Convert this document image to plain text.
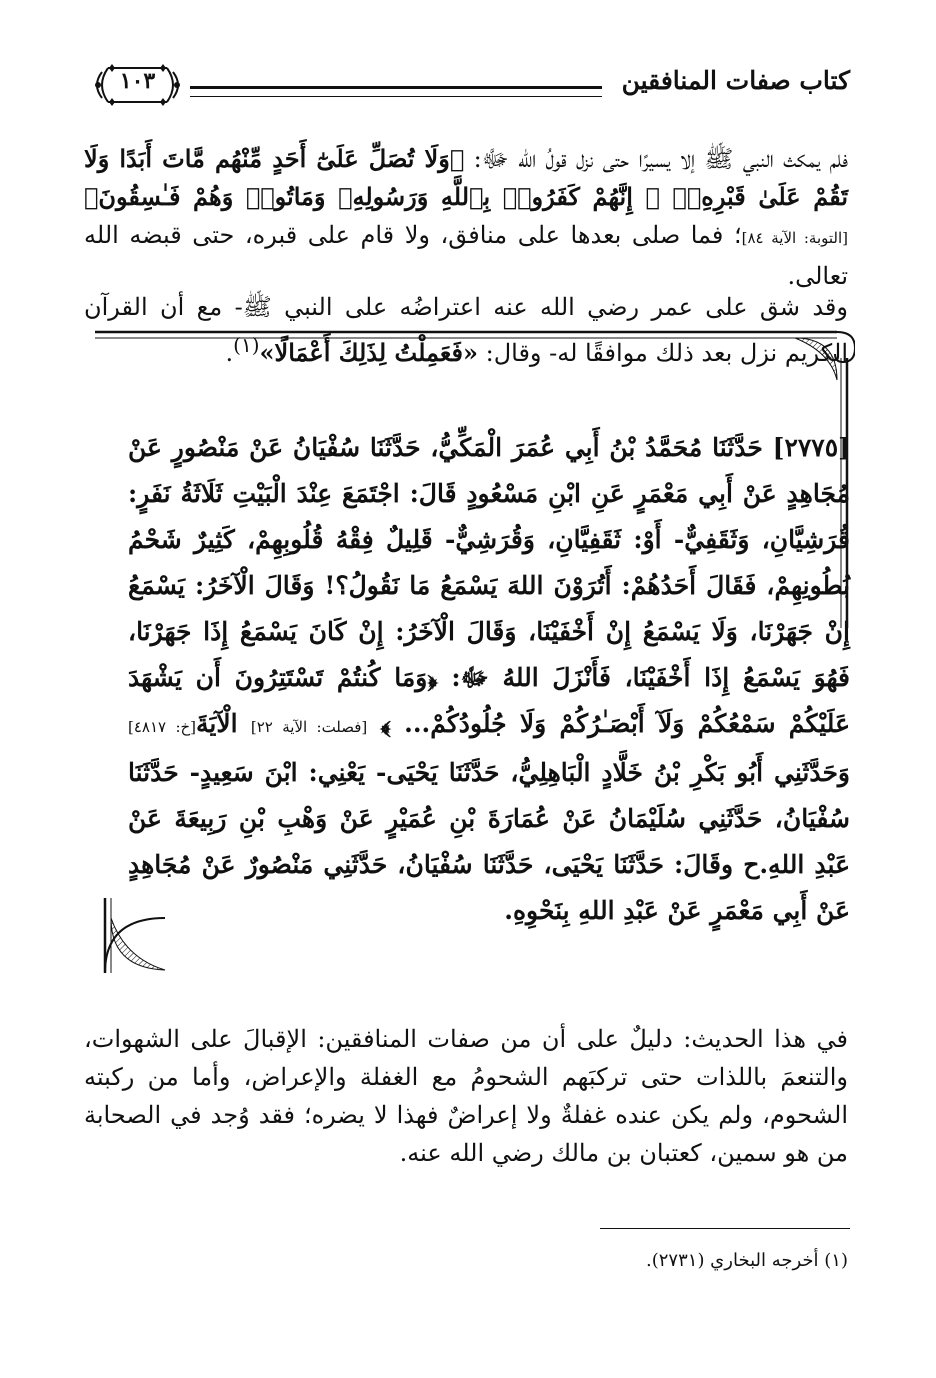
كتاب صفات المنافقين
١٠٣

فلم يمكث النبي ﷺ إلا يسيرًا حتى نزل قولُ الله ﷻ: ﴿وَلَا تُصَلِّ عَلَىٰٓ أَحَدٍ مِّنْهُم مَّاتَ أَبَدًا وَلَا تَقُمْ عَلَىٰ قَبْرِهِۦٓ ۖ إِنَّهُمْ كَفَرُوا۟ بِٱللَّهِ وَرَسُولِهِۦ وَمَاتُوا۟ وَهُمْ فَـٰسِقُونَ﴾[التوبة: الآية ٨٤]؛ فما صلى بعدها على منافق، ولا قام على قبره، حتى قبضه الله تعالى.

وقد شق على عمر رضي الله عنه اعتراضُه على النبي ﷺ- مع أن القرآن الكريم نزل بعد ذلك موافقًا له- وقال: «فَعَمِلْتُ لِذَلِكَ أَعْمَالًا»$^{(١)}$.

[٢٧٧٥] حَدَّثَنَا مُحَمَّدُ بْنُ أَبِي عُمَرَ الْمَكِّيُّ، حَدَّثَنَا سُفْيَانُ عَنْ مَنْصُورٍ عَنْ مُجَاهِدٍ عَنْ أَبِي مَعْمَرٍ عَنِ ابْنِ مَسْعُودٍ قَالَ: اجْتَمَعَ عِنْدَ الْبَيْتِ ثَلَاثَةُ نَفَرٍ: قُرَشِيَّانِ، وَثَقَفِيٌّ- أَوْ: ثَقَفِيَّانِ، وَقُرَشِيٌّ- قَلِيلٌ فِقْهُ قُلُوبِهِمْ، كَثِيرٌ شَحْمُ بُطُونِهِمْ، فَقَالَ أَحَدُهُمْ: أَتُرَوْنَ اللهَ يَسْمَعُ مَا نَقُولُ؟! وَقَالَ الْآخَرُ: يَسْمَعُ إِنْ جَهَرْنَا، وَلَا يَسْمَعُ إِنْ أَخْفَيْنَا، وَقَالَ الْآخَرُ: إِنْ كَانَ يَسْمَعُ إِذَا جَهَرْنَا، فَهُوَ يَسْمَعُ إِذَا أَخْفَيْنَا، فَأَنْزَلَ اللهُ ﷻ: ﴿وَمَا كُنتُمْ تَسْتَتِرُونَ أَن يَشْهَدَ عَلَيْكُمْ سَمْعُكُمْ وَلَآ أَبْصَـٰرُكُمْ وَلَا جُلُودُكُمْ... ﴾ [فصلت: الآية ٢٢] الْآيَةَ[خ: ٤٨١٧] وَحَدَّثَنِي أَبُو بَكْرِ بْنُ خَلَّادٍ الْبَاهِلِيُّ، حَدَّثَنَا يَحْيَى- يَعْنِي: ابْنَ سَعِيدٍ- حَدَّثَنَا سُفْيَانُ، حَدَّثَنِي سُلَيْمَانُ عَنْ عُمَارَةَ بْنِ عُمَيْرٍ عَنْ وَهْبِ بْنِ رَبِيعَةَ عَنْ عَبْدِ اللهِ.ح وقَالَ: حَدَّثَنَا يَحْيَى، حَدَّثَنَا سُفْيَانُ، حَدَّثَنِي مَنْصُورٌ عَنْ مُجَاهِدٍ عَنْ أَبِي مَعْمَرٍ عَنْ عَبْدِ اللهِ بِنَحْوِهِ.

في هذا الحديث: دليلٌ على أن من صفات المنافقين: الإقبالَ على الشهوات، والتنعمَ باللذات حتى تركبَهم الشحومُ مع الغفلة والإعراض، وأما من ركبته الشحوم، ولم يكن عنده غفلةٌ ولا إعراضٌ فهذا لا يضره؛ فقد وُجد في الصحابة من هو سمين، كعتبان بن مالك رضي الله عنه.

(١) أخرجه البخاري (٢٧٣١).
